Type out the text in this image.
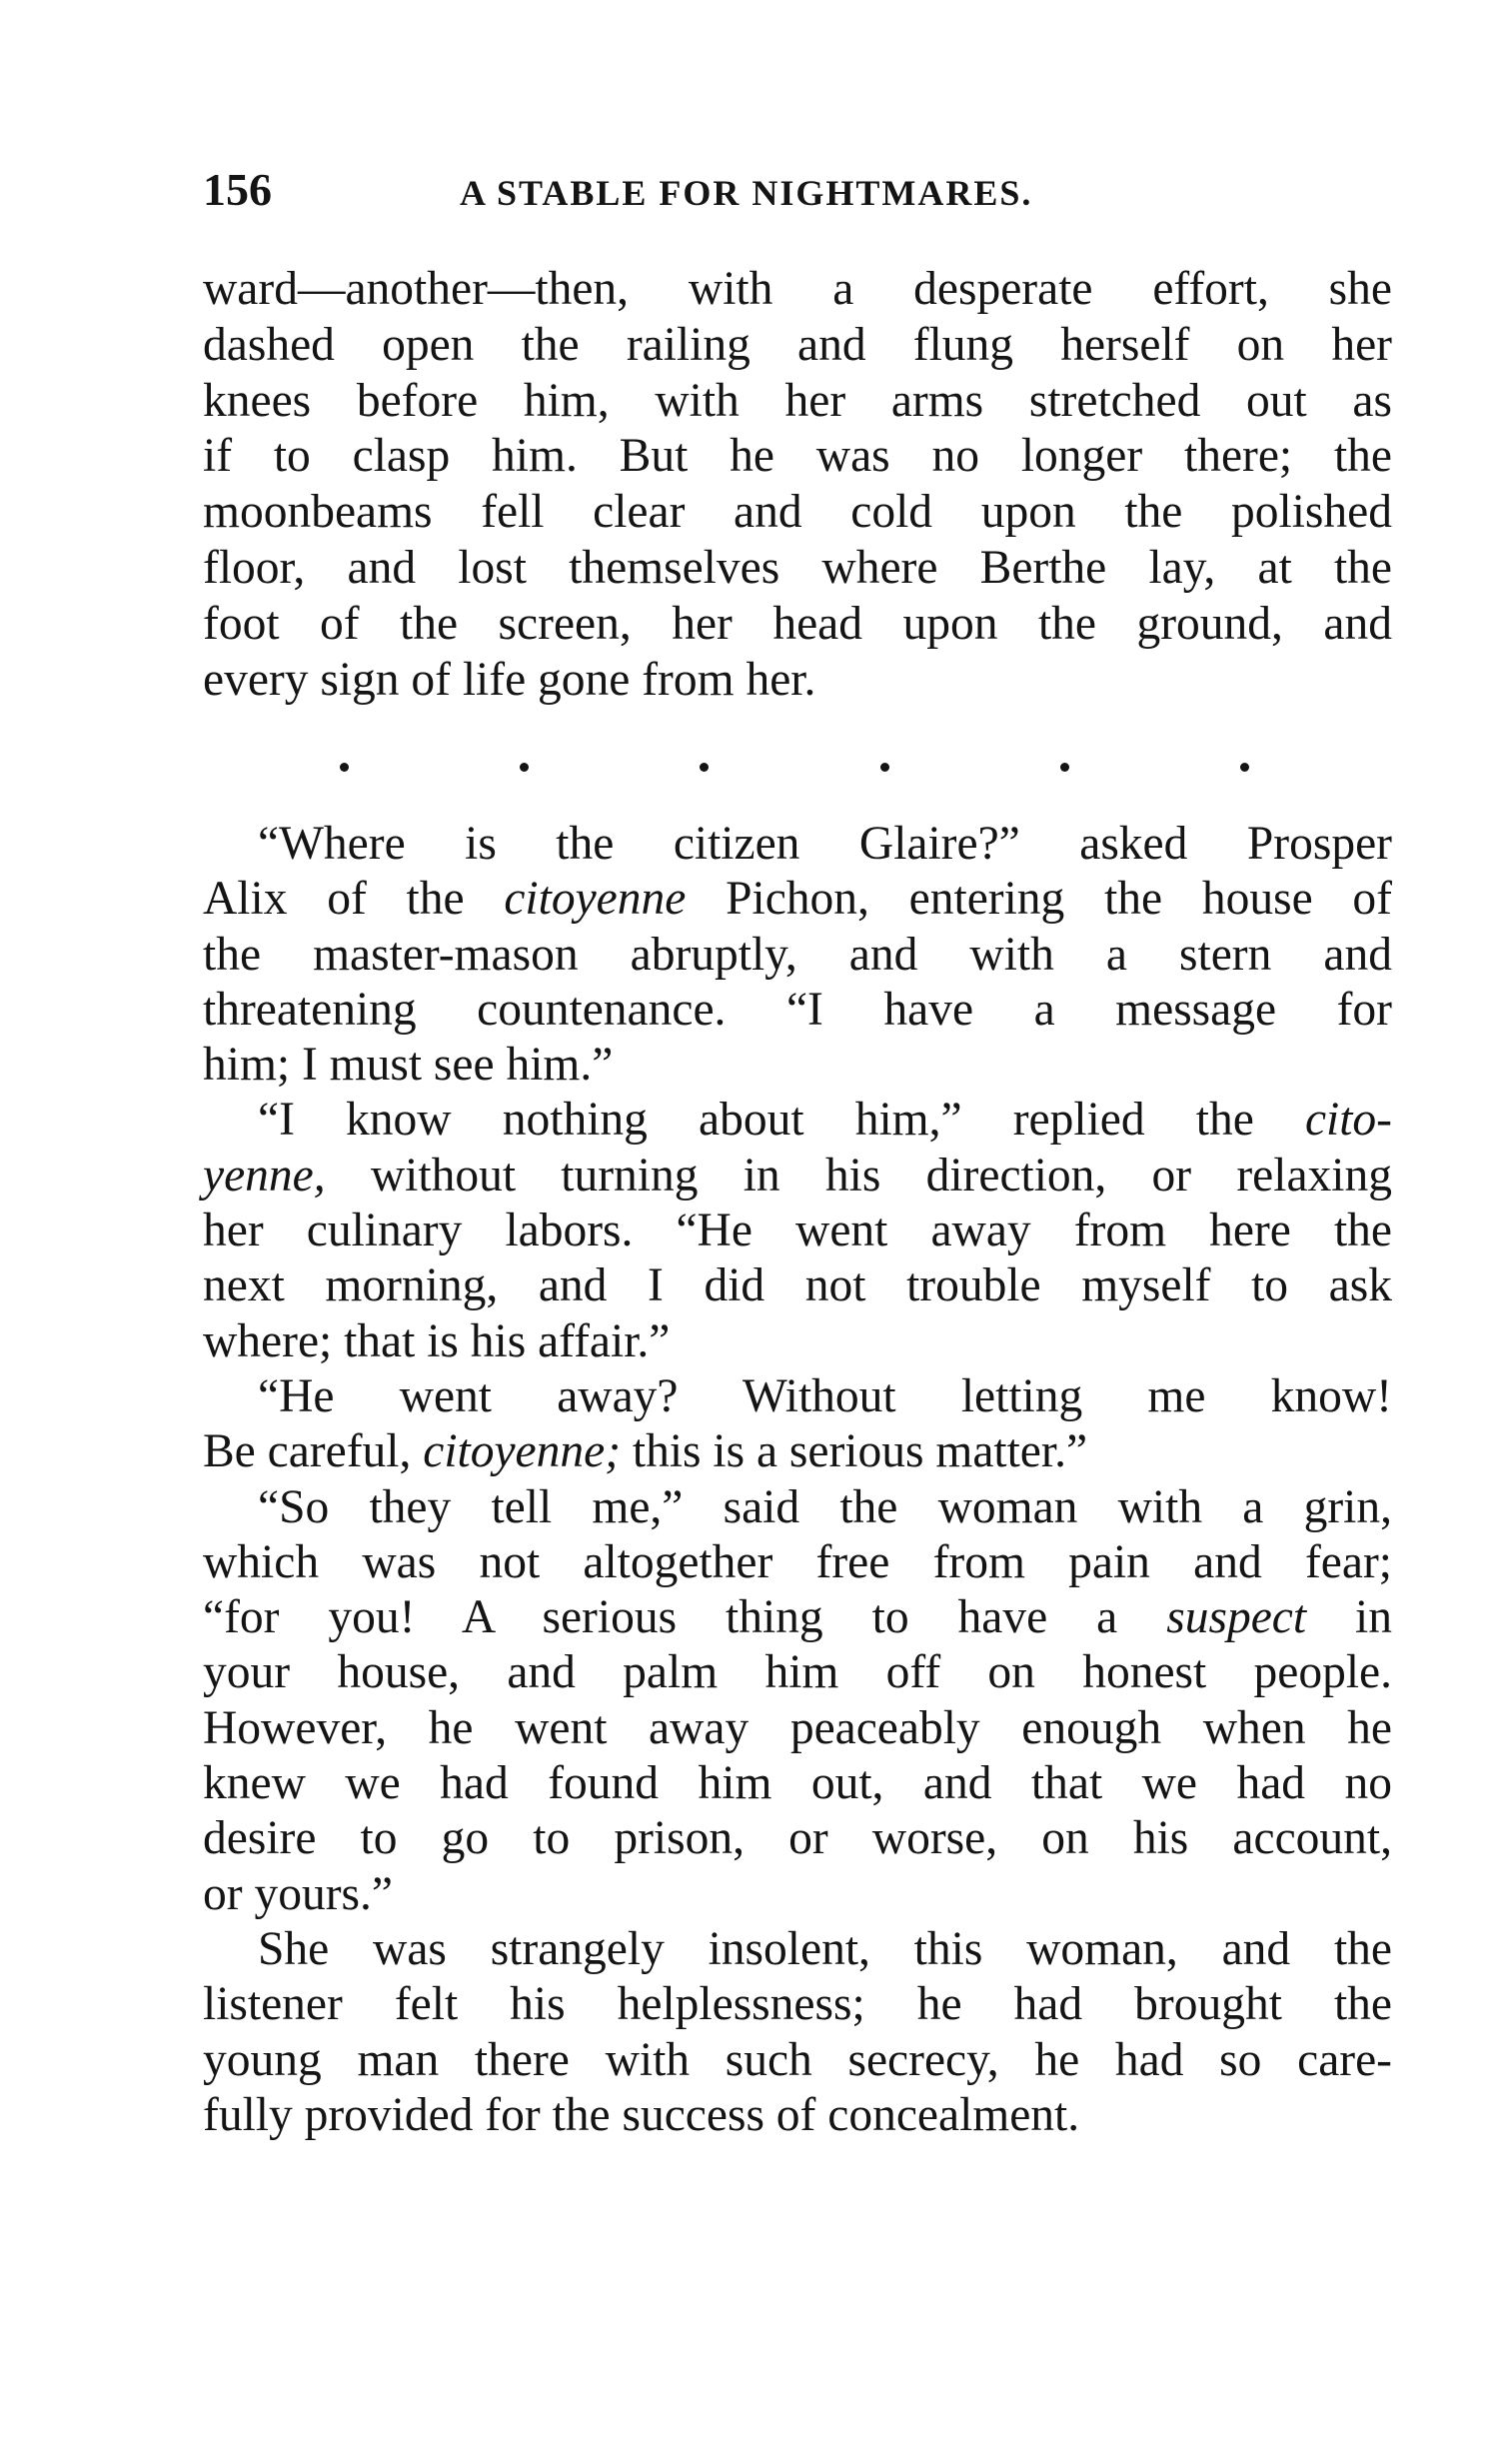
156	A STABLE FOR NIGHTMARES.
ward—another—then, with a desperate effort, she
dashed open the railing and flung herself on her
knees before him, with her arms stretched out as
if to clasp him. But he was no longer there; the
moonbeams fell clear and cold upon the polished
floor, and lost themselves where Berthe lay, at the
foot of the screen, her head upon the ground, and
every sign of life gone from her.
“Where is the citizen Glaire?” asked Prosper
Alix of the citoyenne Pichon, entering the house of
the master-mason abruptly, and with a stern and
threatening countenance. “I have a message for
him; I must see him.”
“I know nothing about him,” replied the cito-
yenne, without turning in his direction, or relaxing
her culinary labors. “He went away from here the
next morning, and I did not trouble myself to ask
where; that is his affair.”
“He went away? Without letting me know!
Be careful, citoyenne; this is a serious matter.”
“So they tell me,” said the woman with a grin,
which was not altogether free from pain and fear;
“for you! A serious thing to have a suspect in
your house, and palm him off on honest people.
However, he went away peaceably enough when he
knew we had found him out, and that we had no
desire to go to prison, or worse, on his account,
or yours.”
She was strangely insolent, this woman, and the
listener felt his helplessness; he had brought the
young man there with such secrecy, he had so care-
fully provided for the success of concealment.
